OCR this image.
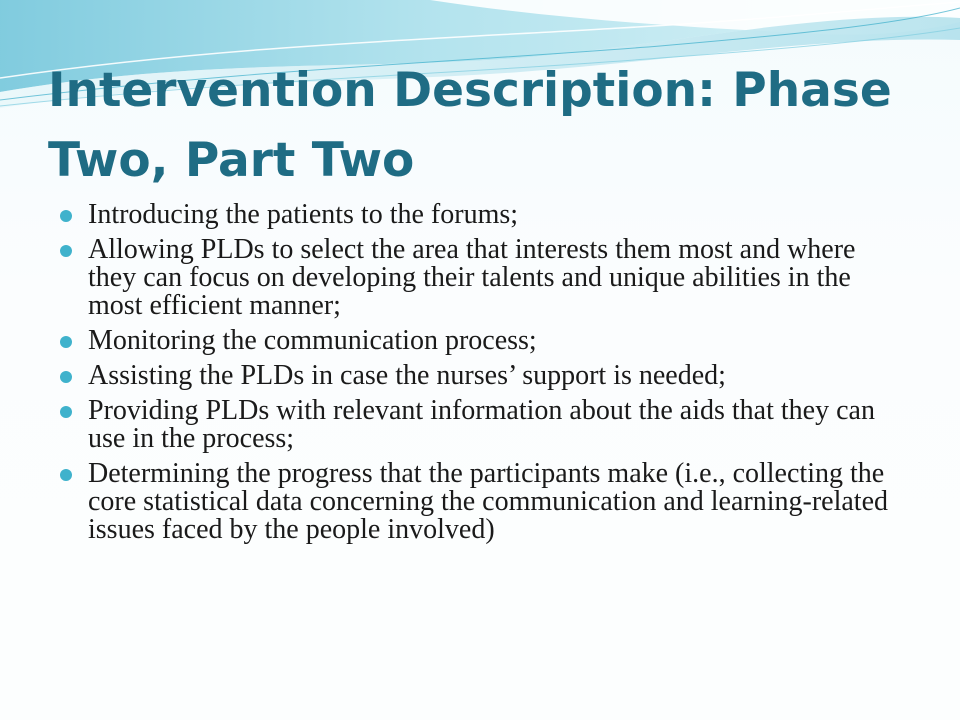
Intervention Description: Phase Two, Part Two
Introducing the patients to the forums;
Allowing PLDs to select the area that interests them most and where they can focus on developing their talents and unique abilities in the most efficient manner;
Monitoring the communication process;
Assisting the PLDs in case the nurses’ support is needed;
Providing PLDs with relevant information about the aids that they can use in the process;
Determining the progress that the participants make (i.e., collecting the core statistical data concerning the communication and learning-related issues faced by the people involved)
